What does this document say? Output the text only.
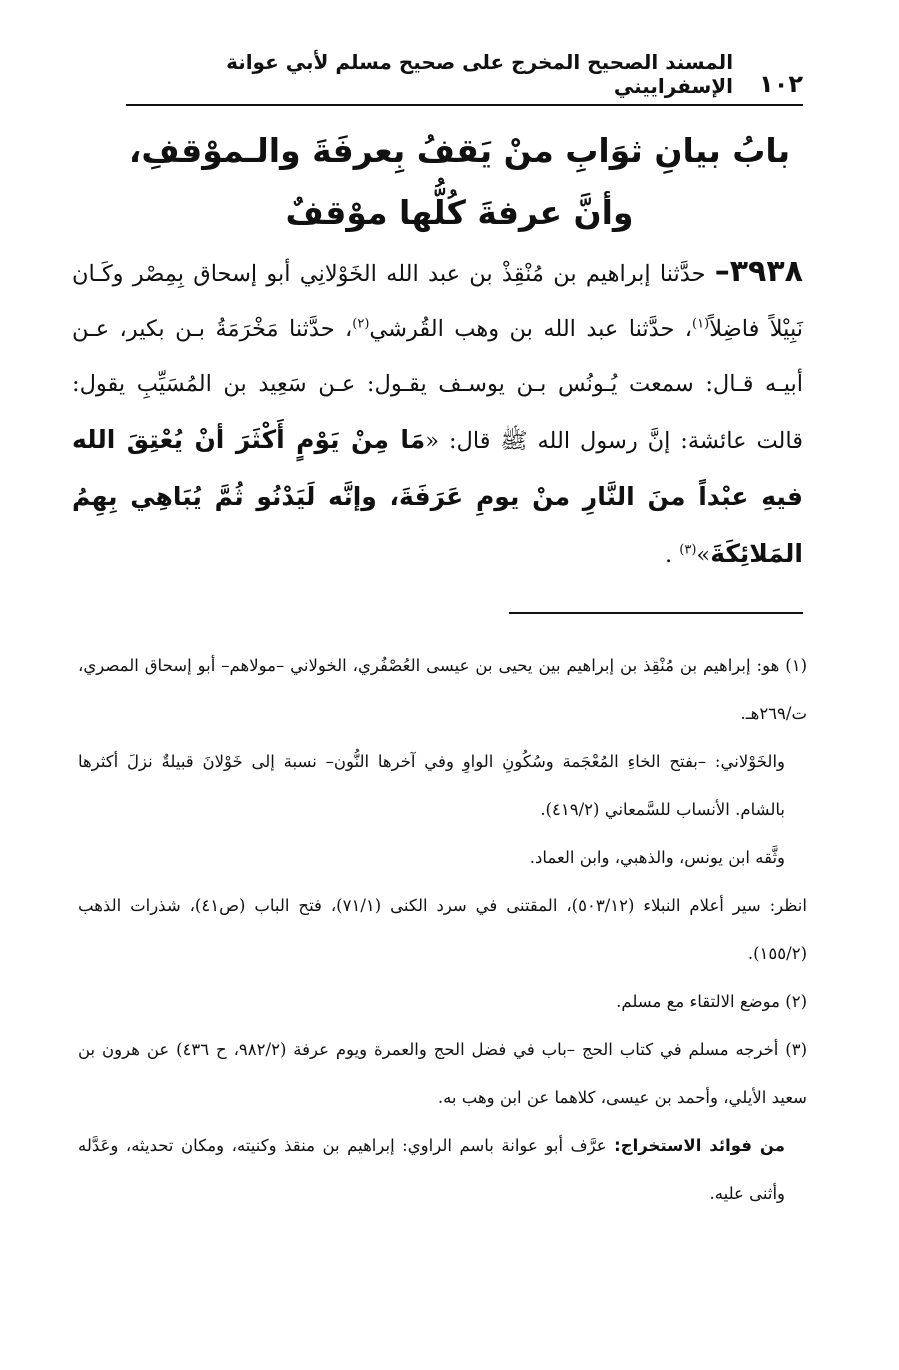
١٠٢
المسند الصحيح المخرج على صحيح مسلم لأبي عوانة الإسفراييني
بابُ بيانِ ثوَابِ منْ يَقفُ بِعرفَةَ والـموْقفِ، وأنَّ عرفةَ كُلُّها موْقفٌ
٣٩٣٨– حدَّثنا إبراهيم بن مُنْقِذْ بن عبد الله الخَوْلانِي أبو إسحاق بِمِصْر وكَـان نَبِيْلاً فاضِلاً$^{(١)}$، حدَّثنا عبد الله بن وهب القُرشي$^{(٢)}$، حدَّثنا مَخْرَمَةُ بـن بكير، عـن أبيـه قـال: سمعت يُـونُس بـن يوسـف يقـول: عـن سَعِيد بن المُسَيِّبِ يقول: قالت عائشة: إنَّ رسول الله ﷺ قال: «مَا مِنْ يَوْمٍ أَكْثَرَ أنْ يُعْتِقَ الله فيهِ عبْداً منَ النَّارِ منْ يومِ عَرَفَةَ، وإنَّه لَيَدْنُو ثُمَّ يُبَاهِي بِهِمُ المَلائِكَةَ»$^{(٣)}$ .

(١) هو: إبراهيم بن مُنْقِذ بن إبراهيم بين يحيى بن عيسى العُصْفُري، الخولاني –مولاهم– أبو إسحاق المصري، ت/٢٦٩هـ.

والخَوْلاني: –بفتح الخاءِ المُعْجَمة وسُكُونِ الواوِ وفي آخرها النُّون– نسبة إلى خَوْلانَ قبيلةٌ نزلَ أكثرها بالشام. الأنساب للسَّمعاني (٤١٩/٢).

وثَّقه ابن يونس، والذهبي، وابن العماد.

انظر: سير أعلام النبلاء (٥٠٣/١٢)، المقتنى في سرد الكنى (٧١/١)، فتح الباب (ص٤١)، شذرات الذهب (١٥٥/٢).

(٢) موضع الالتقاء مع مسلم.

(٣) أخرجه مسلم في كتاب الحج –باب في فضل الحج والعمرة ويوم عرفة (٩٨٢/٢، ح ٤٣٦) عن هرون بن سعيد الأيلي، وأحمد بن عيسى، كلاهما عن ابن وهب به.

من فوائد الاستخراج: عرَّف أبو عوانة باسم الراوي: إبراهيم بن منقذ وكنيته، ومكان تحديثه، وعَدَّله وأثنى عليه.
